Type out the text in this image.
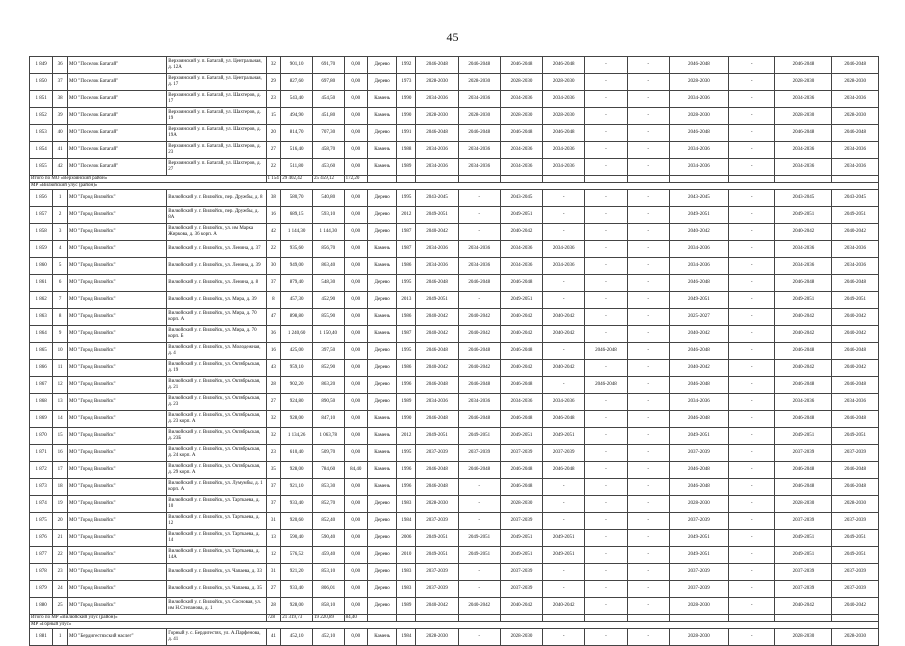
45
1 849	36	МО "Поселок Батагай"	Верхоянский у. п. Батагай, ул. Центральная, д. 12А	32	901,10	691,70	0,00	Дерево	1992	2046-2048	2046-2048	2046-2048	2046-2048	-	-	2046-2048	-	2046-2048	2046-2048
1 850	37	МО "Поселок Батагай"	Верхоянский у. п. Батагай, ул. Центральная, д. 17	29	827,60	697,80	0,00	Дерево	1973	2028-2030	2028-2030	2028-2030	2028-2030	-	-	2028-2030	-	2028-2030	2028-2030
1 851	38	МО "Поселок Батагай"	Верхоянский у. п. Батагай, ул. Шахтеров, д. 17	23	543,40	454,50	0,00	Камень	1990	2034-2036	2034-2036	2034-2036	2034-2036	-	-	2034-2036	-	2034-2036	2034-2036
1 852	39	МО "Поселок Батагай"	Верхоянский у. п. Батагай, ул. Шахтеров, д. 19	15	494,90	451,80	0,00	Камень	1990	2028-2030	2028-2030	2028-2030	2028-2030	-	-	2028-2030	-	2028-2030	2028-2030
1 853	40	МО "Поселок Батагай"	Верхоянский у. п. Батагай, ул. Шахтеров, д. 19А	20	814,70	707,30	0,00	Дерево	1991	2046-2048	2046-2048	2046-2048	2046-2048	-	-	2046-2048	-	2046-2048	2046-2048
1 854	41	МО "Поселок Батагай"	Верхоянский у. п. Батагай, ул. Шахтеров, д. 23	27	516,40	458,70	0,00	Камень	1988	2034-2036	2034-2036	2034-2036	2034-2036	-	-	2034-2036	-	2034-2036	2034-2036
1 855	42	МО "Поселок Батагай"	Верхоянский у. п. Батагай, ул. Шахтеров, д. 27	22	511,80	453,60	0,00	Камень	1989	2034-2036	2034-2036	2034-2036	2034-2036	-	-	2034-2036	-	2034-2036	2034-2036
Итого по МО «Верхоянский район»				1 154	29 402,42	25 459,12	172,20												
МР «Вилюйский улус (район)»																			
1 856	1	МО "Город Вилюйск"	Вилюйский у. г. Вилюйск, пер. Дружбы, д. 8	38	580,70	540,80	0,00	Дерево	1995	2043-2045	-	2043-2045	-	-	-	2043-2045	-	2043-2045	2043-2045
1 857	2	МО "Город Вилюйск"	Вилюйский у. г. Вилюйск, пер. Дружбы, д. 8А	16	689,15	593,10	0,00	Дерево	2012	2049-2051	-	2049-2051	-	-	-	2049-2051	-	2049-2051	2049-2051
1 858	3	МО "Город Вилюйск"	Вилюйский у. г. Вилюйск, ул. им Марка Жиркова, д. 36 корп. А	42	1 144,30	1 144,30	0,00	Дерево	1987	2040-2042	-	2040-2042	-	-	-	2040-2042	-	2040-2042	2040-2042
1 859	4	МО "Город Вилюйск"	Вилюйский у. г. Вилюйск, ул. Ленина, д. 37	22	935,60	856,70	0,00	Камень	1987	2034-2036	2034-2036	2034-2036	2034-2036	-	-	2034-2036	-	2034-2036	2034-2036
1 860	5	МО "Город Вилюйск"	Вилюйский у. г. Вилюйск, ул. Ленина, д. 39	30	949,00	863,40	0,00	Камень	1986	2034-2036	2034-2036	2034-2036	2034-2036	-	-	2034-2036	-	2034-2036	2034-2036
1 861	6	МО "Город Вилюйск"	Вилюйский у. г. Вилюйск, ул. Ленина, д. 8	37	879,40	548,30	0,00	Дерево	1995	2046-2048	2046-2048	2046-2048	-	-	-	2046-2048	-	2046-2048	2046-2048
1 862	7	МО "Город Вилюйск"	Вилюйский у. г. Вилюйск, ул. Мира, д. 39	8	457,30	452,90	0,00	Дерево	2013	2049-2051	-	2049-2051	-	-	-	2049-2051	-	2049-2051	2049-2051
1 863	8	МО "Город Вилюйск"	Вилюйский у. г. Вилюйск, ул. Мира, д. 70 корп. А	47	898,80	855,90	0,00	Камень	1986	2040-2042	2040-2042	2040-2042	2040-2042	-	-	2025-2027	-	2040-2042	2040-2042
1 864	9	МО "Город Вилюйск"	Вилюйский у. г. Вилюйск, ул. Мира, д. 70 корп. Б	36	1 240,60	1 150,40	0,00	Камень	1987	2040-2042	2040-2042	2040-2042	2040-2042	-	-	2040-2042	-	2040-2042	2040-2042
1 865	10	МО "Город Вилюйск"	Вилюйский у. г. Вилюйск, ул. Молодежная, д. 4	16	425,00	397,50	0,00	Дерево	1995	2046-2048	2046-2048	2046-2048	-	2046-2048	-	2046-2048	-	2046-2048	2046-2048
1 866	11	МО "Город Вилюйск"	Вилюйский у. г. Вилюйск, ул. Октябрьская, д. 19	43	959,10	852,90	0,00	Дерево	1986	2040-2042	2040-2042	2040-2042	2040-2042	-	-	2040-2042	-	2040-2042	2040-2042
1 867	12	МО "Город Вилюйск"	Вилюйский у. г. Вилюйск, ул. Октябрьская, д. 21	28	902,20	863,20	0,00	Дерево	1996	2046-2048	2046-2048	2046-2048	-	2046-2048	-	2046-2048	-	2046-2048	2046-2048
1 868	13	МО "Город Вилюйск"	Вилюйский у. г. Вилюйск, ул. Октябрьская, д. 23	27	924,80	890,50	0,00	Дерево	1989	2034-2036	2034-2036	2034-2036	2034-2036	-	-	2034-2036	-	2034-2036	2034-2036
1 869	14	МО "Город Вилюйск"	Вилюйский у. г. Вилюйск, ул. Октябрьская, д. 23 корп. А	32	928,00	847,10	0,00	Камень	1990	2046-2048	2046-2048	2046-2048	2046-2048	-	-	2046-2048	-	2046-2048	2046-2048
1 870	15	МО "Город Вилюйск"	Вилюйский у. г. Вилюйск, ул. Октябрьская, д. 23Б	32	1 134,26	1 063,78	0,00	Камень	2012	2049-2051	2049-2051	2049-2051	2049-2051	-	-	2049-2051	-	2049-2051	2049-2051
1 871	16	МО "Город Вилюйск"	Вилюйский у. г. Вилюйск, ул. Октябрьская, д. 24 корп. А	23	610,40	509,70	0,00	Камень	1995	2037-2039	2037-2039	2037-2039	2037-2039	-	-	2037-2039	-	2037-2039	2037-2039
1 872	17	МО "Город Вилюйск"	Вилюйский у. г. Вилюйск, ул. Октябрьская, д. 29 корп. А	35	928,00	784,60	84,40	Камень	1996	2046-2048	2046-2048	2046-2048	2046-2048	-	-	2046-2048	-	2046-2048	2046-2048
1 873	18	МО "Город Вилюйск"	Вилюйский у. г. Вилюйск, ул. Лумумбы, д. 1 корп. А	37	921,10	853,30	0,00	Камень	1996	2046-2048	-	2046-2048	-	-	-	2046-2048	-	2046-2048	2046-2048
1 874	19	МО "Город Вилюйск"	Вилюйский у. г. Вилюйск, ул. Тарткаева, д. 10	37	933,40	852,70	0,00	Дерево	1983	2028-2030	-	2028-2030	-	-	-	2028-2030	-	2028-2030	2028-2030
1 875	20	МО "Город Вилюйск"	Вилюйский у. г. Вилюйск, ул. Тарткаева, д. 12	31	920,60	852,40	0,00	Дерево	1984	2037-2039	-	2037-2039	-	-	-	2037-2039	-	2037-2039	2037-2039
1 876	21	МО "Город Вилюйск"	Вилюйский у. г. Вилюйск, ул. Тарткаева, д. 14	13	590,40	590,40	0,00	Дерево	2006	2049-2051	2049-2051	2049-2051	2049-2051	-	-	2049-2051	-	2049-2051	2049-2051
1 877	22	МО "Город Вилюйск"	Вилюйский у. г. Вилюйск, ул. Тарткаева, д. 14А	12	576,52	459,40	0,00	Дерево	2010	2049-2051	2049-2051	2049-2051	2049-2051	-	-	2049-2051	-	2049-2051	2049-2051
1 878	23	МО "Город Вилюйск"	Вилюйский у. г. Вилюйск, ул. Чапаева, д. 33	31	921,20	853,10	0,00	Дерево	1983	2037-2039	-	2037-2039	-	-	-	2037-2039	-	2037-2039	2037-2039
1 879	24	МО "Город Вилюйск"	Вилюйский у. г. Вилюйск, ул. Чапаева, д. 35	27	933,40	806,01	0,00	Дерево	1983	2037-2039	-	2037-2039	-	-	-	2037-2039	-	2037-2039	2037-2039
1 880	25	МО "Город Вилюйск"	Вилюйский у. г. Вилюйск, ул. Сосновая, ул. им Н.Степанова, д. 1	28	928,00	858,10	0,00	Дерево	1989	2040-2042	2040-2042	2040-2042	2040-2042	-	-	2028-2030	-	2040-2042	2040-2042
Итого по МР «Вилюйский улус (район)»				728	21 319,73	19 220,89	84,40												
МР «Горный улус»																			
1 881	1	МО "Бердигестяхский наслег"	Горный у. с. Бердигестях, ул. А.Парфенова, д. 41	41	452,10	452,10	0,00	Камень	1984	2028-2030	-	2028-2030	-	-	-	2028-2030	-	2028-2030	2028-2030
